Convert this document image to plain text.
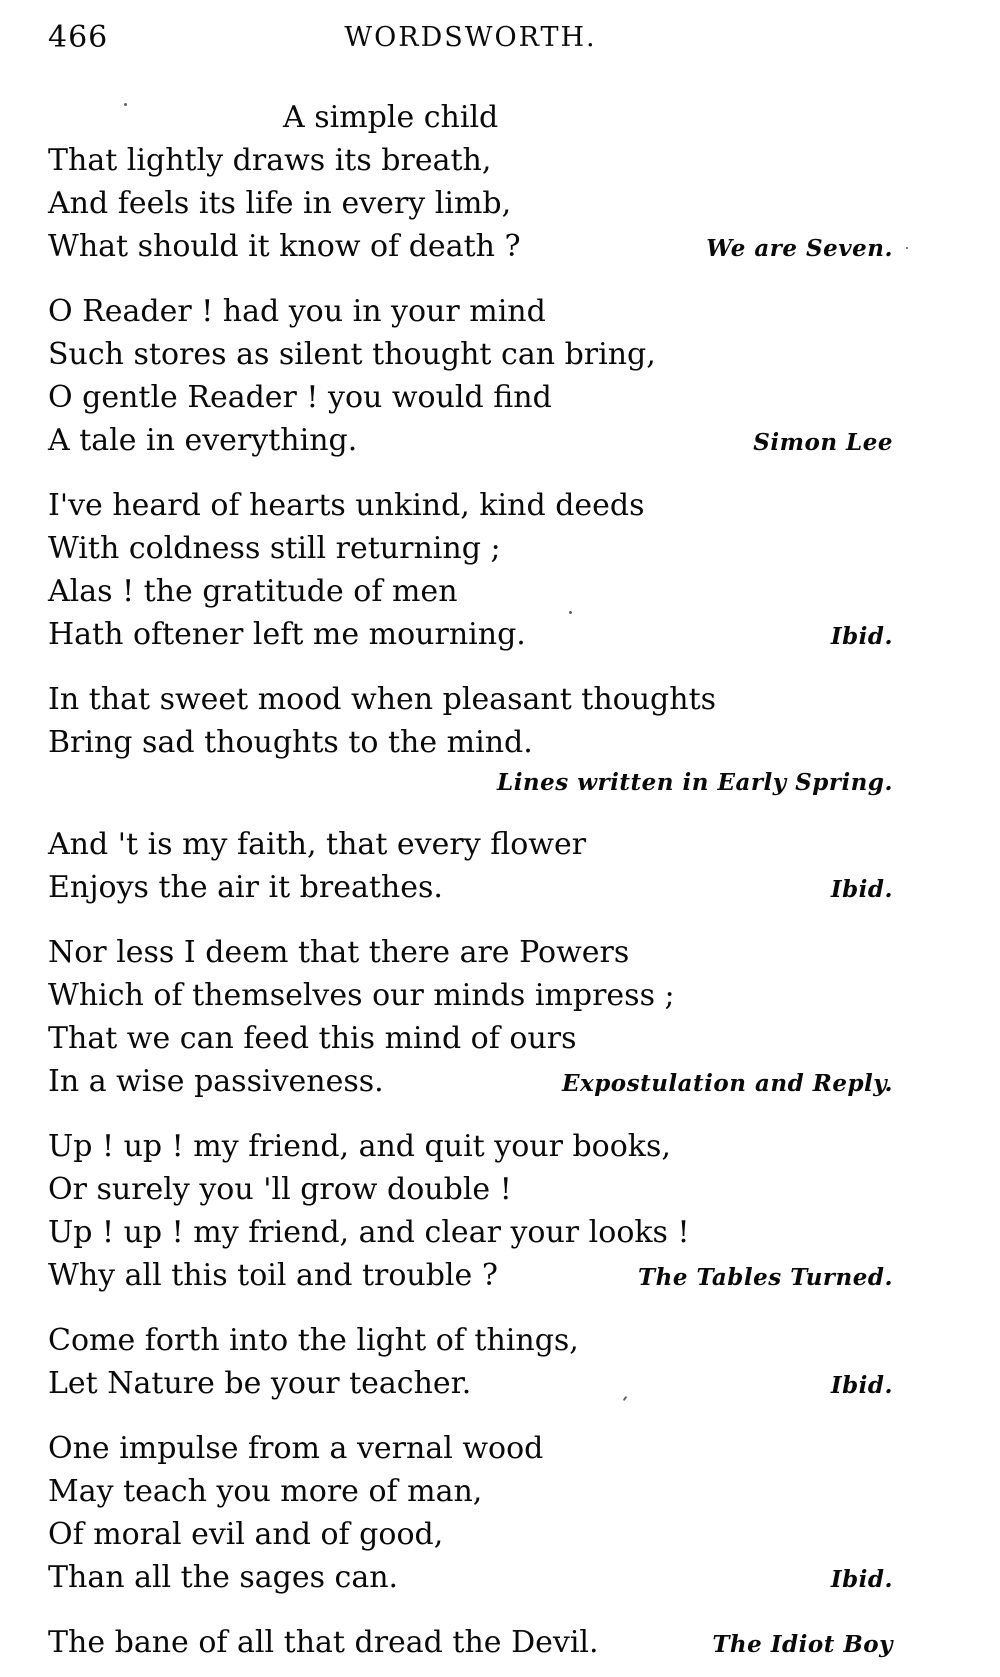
466	WORDSWORTH.
A simple child
That lightly draws its breath,
And feels its life in every limb,
What should it know of death ?	We are Seven.
O Reader ! had you in your mind
Such stores as silent thought can bring,
O gentle Reader ! you would find
A tale in everything.	Simon Lee
I've heard of hearts unkind, kind deeds
With coldness still returning ;
Alas ! the gratitude of men
Hath oftener left me mourning.	Ibid.
In that sweet mood when pleasant thoughts
Bring sad thoughts to the mind.
Lines written in Early Spring.
And 't is my faith, that every flower
Enjoys the air it breathes.	Ibid.
Nor less I deem that there are Powers
Which of themselves our minds impress ;
That we can feed this mind of ours
In a wise passiveness.	Expostulation and Reply.
Up ! up ! my friend, and quit your books,
Or surely you 'll grow double !
Up ! up ! my friend, and clear your looks !
Why all this toil and trouble ?	The Tables Turned.
Come forth into the light of things,
Let Nature be your teacher.	Ibid.
One impulse from a vernal wood
May teach you more of man,
Of moral evil and of good,
Than all the sages can.	Ibid.
The bane of all that dread the Devil.	The Idiot Boy
